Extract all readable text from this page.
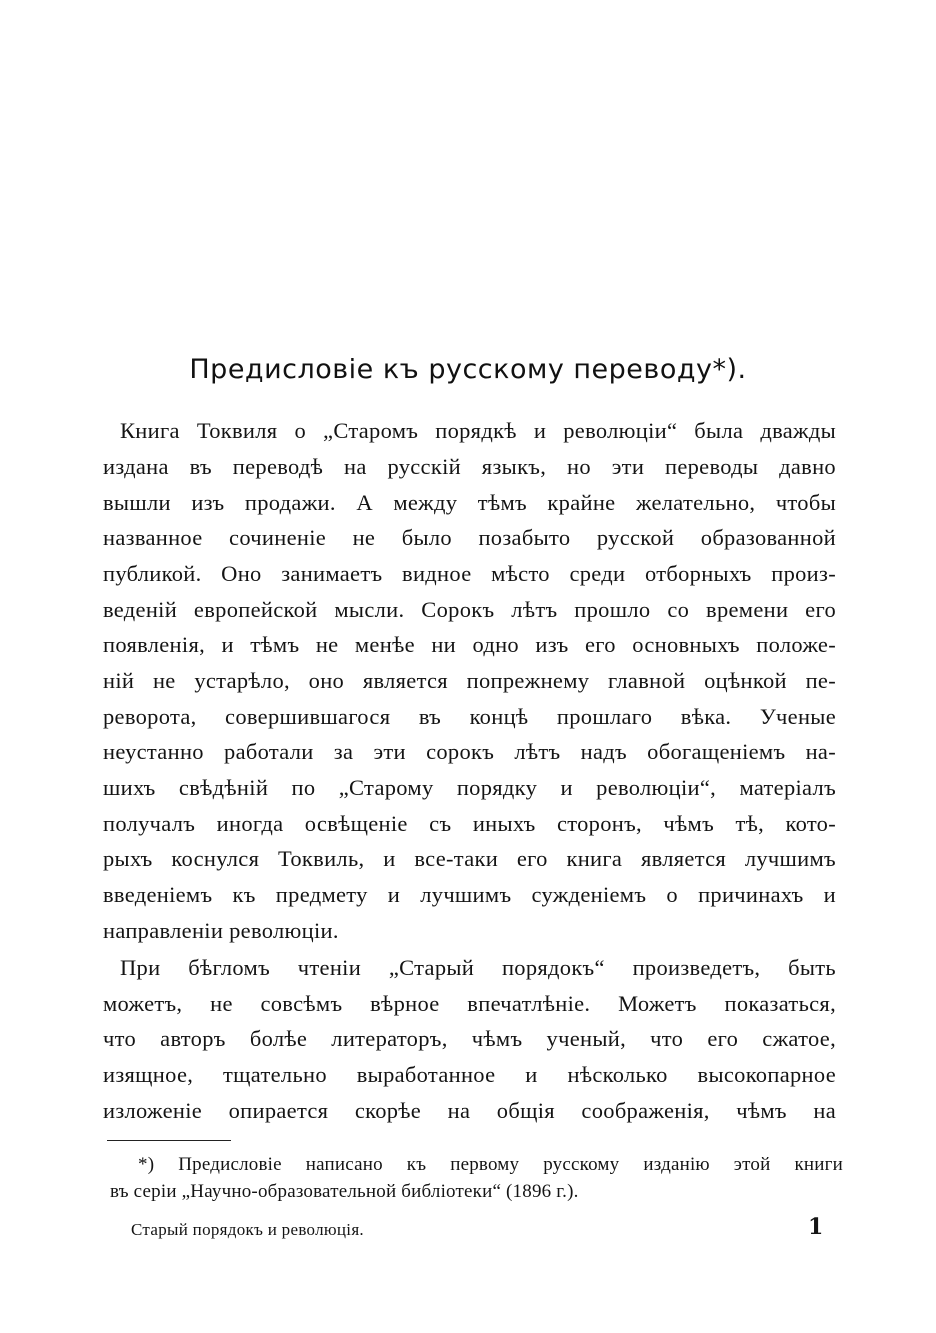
Предисловіе къ русскому переводу*).

Книга Токвиля о „Старомъ порядкѣ и революціи“ была дважды

издана въ переводѣ на русскій языкъ, но эти переводы давно

вышли изъ продажи. А между тѣмъ крайне желательно, чтобы

названное сочиненіе не было позабыто русской образованной

публикой. Оно занимаетъ видное мѣсто среди отборныхъ произ-

веденій европейской мысли. Сорокъ лѣтъ прошло со времени его

появленія, и тѣмъ не менѣе ни одно изъ его основныхъ положе-

ній не устарѣло, оно является попрежнему главной оцѣнкой пе-

реворота, совершившагося въ концѣ прошлаго вѣка. Ученые

неустанно работали за эти сорокъ лѣтъ надъ обогащеніемъ на-

шихъ свѣдѣній по „Старому порядку и революціи“, матеріалъ

получалъ иногда освѣщеніе съ иныхъ сторонъ, чѣмъ тѣ, кото-

рыхъ коснулся Токвиль, и все-таки его книга является лучшимъ

введеніемъ къ предмету и лучшимъ сужденіемъ о причинахъ и

направленіи революціи.

При бѣгломъ чтеніи „Старый порядокъ“ произведетъ, быть

можетъ, не совсѣмъ вѣрное впечатлѣніе. Можетъ показаться,

что авторъ болѣе литераторъ, чѣмъ ученый, что его сжатое,

изящное, тщательно выработанное и нѣсколько высокопарное

изложеніе опирается скорѣе на общія соображенія, чѣмъ на

*) Предисловіе написано къ первому русскому изданію этой книги

въ серіи „Научно-образовательной библіотеки“ (1896 г.).

Старый порядокъ и революція.	1
